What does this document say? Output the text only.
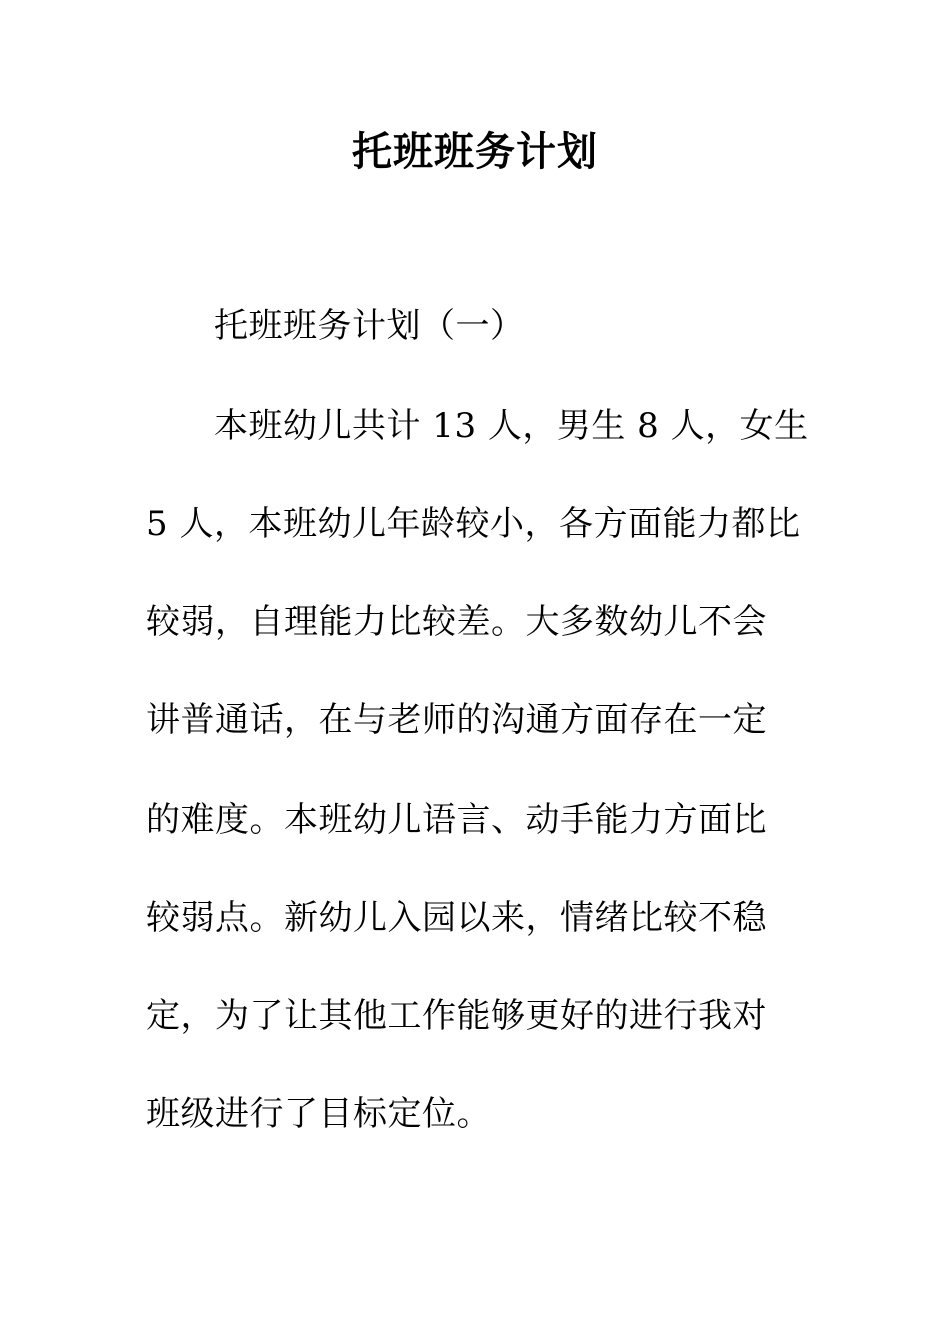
托班班务计划
托班班务计划（一）
本班幼儿共计 13 人，男生 8 人，女生
5 人，本班幼儿年龄较小，各方面能力都比
较弱，自理能力比较差。大多数幼儿不会
讲普通话，在与老师的沟通方面存在一定
的难度。本班幼儿语言、动手能力方面比
较弱点。新幼儿入园以来，情绪比较不稳
定，为了让其他工作能够更好的进行我对
班级进行了目标定位。
